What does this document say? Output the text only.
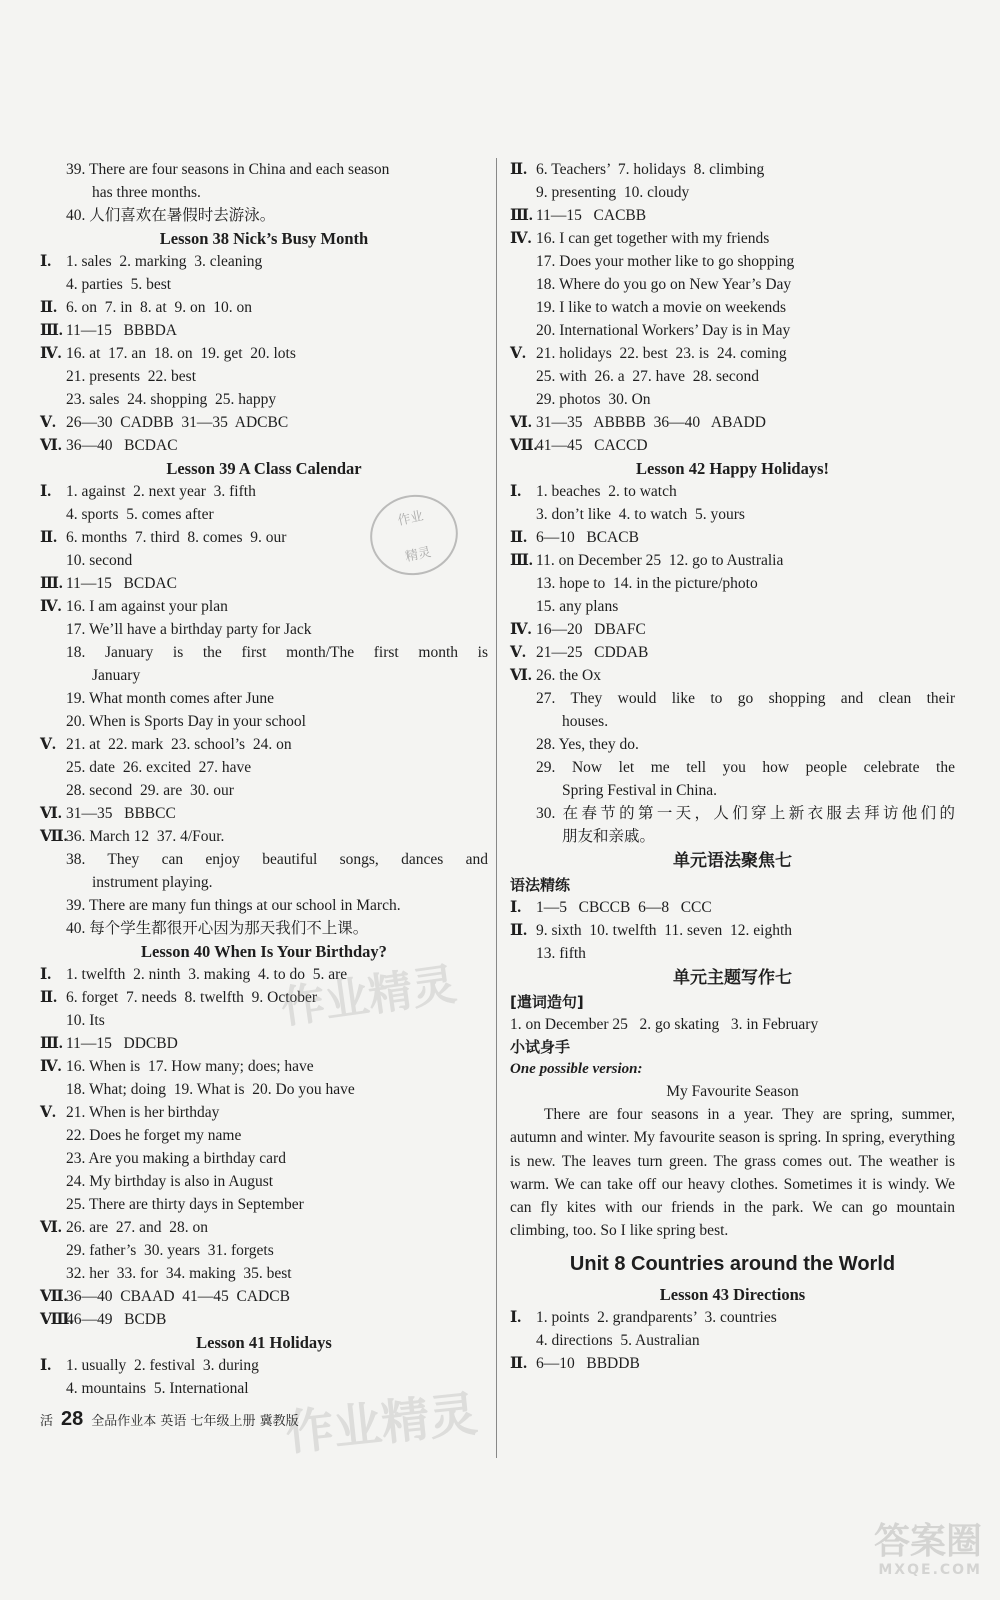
39. There are four seasons in China and each season
has three months.
40. 人们喜欢在暑假时去游泳。
Lesson 38 Nick’s Busy Month
Ⅰ. 1. sales  2. marking  3. cleaning
4. parties  5. best
Ⅱ. 6. on  7. in  8. at  9. on  10. on
Ⅲ. 11—15   BBBDA
Ⅳ. 16. at  17. an  18. on  19. get  20. lots
21. presents  22. best
23. sales  24. shopping  25. happy
Ⅴ. 26—30  CADBB  31—35  ADCBC
Ⅵ. 36—40   BCDAC
Lesson 39 A Class Calendar
Ⅰ. 1. against  2. next year  3. fifth
4. sports  5. comes after
Ⅱ. 6. months  7. third  8. comes  9. our
10. second
Ⅲ. 11—15   BCDAC
Ⅳ. 16. I am against your plan
17. We’ll have a birthday party for Jack
18. January is the first month/The first month is
January
19. What month comes after June
20. When is Sports Day in your school
Ⅴ. 21. at  22. mark  23. school’s  24. on
25. date  26. excited  27. have
28. second  29. are  30. our
Ⅵ. 31—35   BBBCC
Ⅶ.
36. March 12  37. 4/Four.
38. They can enjoy beautiful songs, dances and
instrument playing.
39. There are many fun things at our school in March.
40. 每个学生都很开心因为那天我们不上课。
Lesson 40 When Is Your Birthday?
Ⅰ. 1. twelfth  2. ninth  3. making  4. to do  5. are
Ⅱ. 6. forget  7. needs  8. twelfth  9. October
10. Its
Ⅲ. 11—15   DDCBD
Ⅳ. 16. When is  17. How many; does; have
18. What; doing  19. What is  20. Do you have
Ⅴ. 21. When is her birthday
22. Does he forget my name
23. Are you making a birthday card
24. My birthday is also in August
25. There are thirty days in September
Ⅵ. 26. are  27. and  28. on
29. father’s  30. years  31. forgets
32. her  33. for  34. making  35. best
Ⅶ.
36—40  CBAAD  41—45  CADCB
Ⅷ.
46—49   BCDB
Lesson 41 Holidays
Ⅰ. 1. usually  2. festival  3. during
4. mountains  5. International
Ⅱ. 6. Teachers’  7. holidays  8. climbing
9. presenting  10. cloudy
Ⅲ. 11—15   CACBB
Ⅳ. 16. I can get together with my friends
17. Does your mother like to go shopping
18. Where do you go on New Year’s Day
19. I like to watch a movie on weekends
20. International Workers’ Day is in May
Ⅴ. 21. holidays  22. best  23. is  24. coming
25. with  26. a  27. have  28. second
29. photos  30. On
Ⅵ. 31—35   ABBBB  36—40   ABADD
Ⅶ.
41—45   CACCD
Lesson 42 Happy Holidays!
Ⅰ. 1. beaches  2. to watch
3. don’t like  4. to watch  5. yours
Ⅱ. 6—10   BCACB
Ⅲ. 11. on December 25  12. go to Australia
13. hope to  14. in the picture/photo
15. any plans
Ⅳ. 16—20   DBAFC
Ⅴ. 21—25   CDDAB
Ⅵ. 26. the Ox
27. They would like to go shopping and clean their
houses.
28. Yes, they do.
29. Now let me tell you how people celebrate the
Spring Festival in China.
30. 在春节的第一天，人们穿上新衣服去拜访他们的
朋友和亲戚。
单元语法聚焦七
语法精练
Ⅰ. 1—5   CBCCB  6—8   CCC
Ⅱ. 9. sixth  10. twelfth  11. seven  12. eighth
13. fifth
单元主题写作七
[遣词造句]
1. on December 25   2. go skating   3. in February
小试身手
One possible version:
My Favourite Season
There are four seasons in a year. They are spring, summer, autumn and winter. My favourite season is spring. In spring, everything is new. The leaves turn green. The grass comes out. The weather is warm. We can take off our heavy clothes. Sometimes it is windy. We can fly kites with our friends in the park. We can go mountain climbing, too. So I like spring best.
Unit 8 Countries around the World
Lesson 43 Directions
Ⅰ. 1. points  2. grandparents’  3. countries
4. directions  5. Australian
Ⅱ. 6—10   BBDDB
作业
精灵
作业精灵
作业精灵
答案圈
MXQE.COM
活 28 全品作业本 英语 七年级上册 冀教版
